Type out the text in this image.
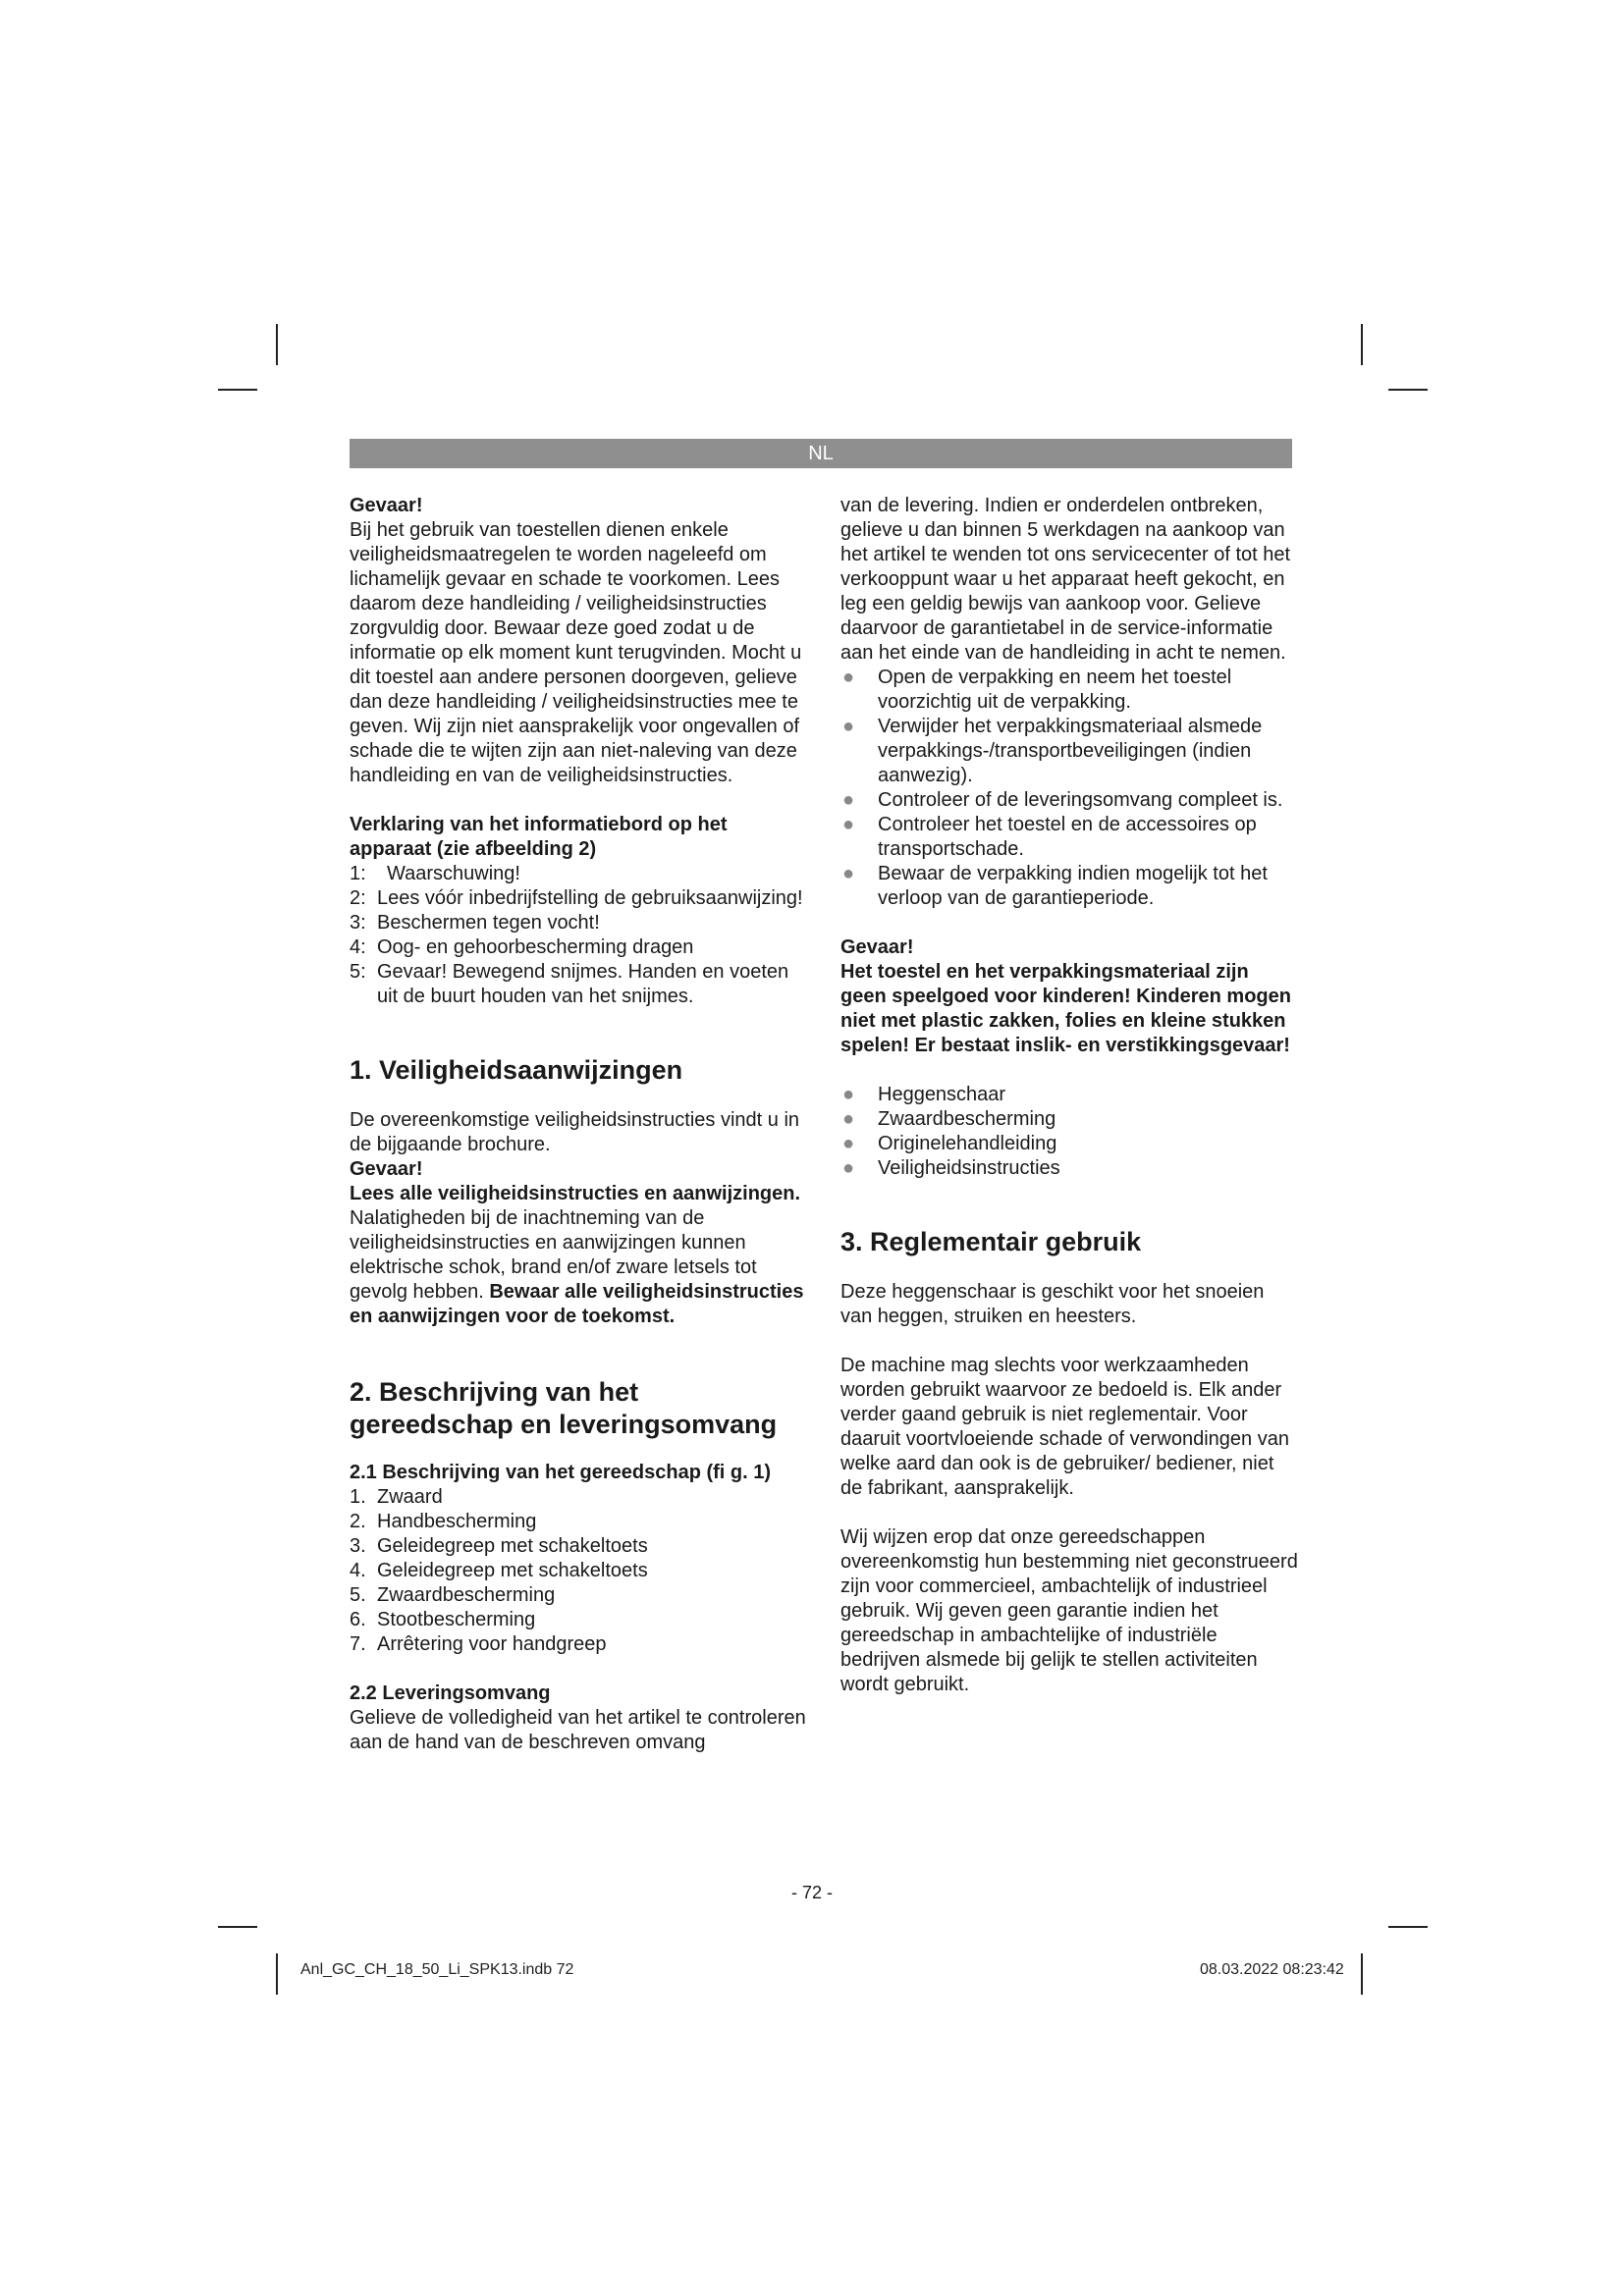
NL

Gevaar!

Bij het gebruik van toestellen dienen enkele veiligheidsmaatregelen te worden nageleefd om lichamelijk gevaar en schade te voorkomen. Lees daarom deze handleiding / veiligheidsinstructies zorgvuldig door. Bewaar deze goed zodat u de informatie op elk moment kunt terugvinden. Mocht u dit toestel aan andere personen doorgeven, gelieve dan deze handleiding / veiligheidsinstructies mee te geven. Wij zijn niet aansprakelijk voor ongevallen of schade die te wijten zijn aan niet-naleving van deze handleiding en van de veiligheidsinstructies.

Verklaring van het informatiebord op het apparaat (zie afbeelding 2)

1: Waarschuwing!
2: Lees vóór inbedrijfstelling de gebruiksaanwijzing!
3: Beschermen tegen vocht!
4: Oog- en gehoorbescherming dragen
5: Gevaar! Bewegend snijmes. Handen en voeten uit de buurt houden van het snijmes.

1. Veiligheidsaanwijzingen

De overeenkomstige veiligheidsinstructies vindt u in de bijgaande brochure.

Gevaar!

Lees alle veiligheidsinstructies en aanwijzingen. Nalatigheden bij de inachtneming van de veiligheidsinstructies en aanwijzingen kunnen elektrische schok, brand en/of zware letsels tot gevolg hebben. Bewaar alle veiligheidsinstructies en aanwijzingen voor de toekomst.

2. Beschrijving van het gereedschap en leveringsomvang

2.1 Beschrijving van het gereedschap (fi g. 1)

1. Zwaard
2. Handbescherming
3. Geleidegreep met schakeltoets
4. Geleidegreep met schakeltoets
5. Zwaardbescherming
6. Stootbescherming
7. Arrêtering voor handgreep

2.2 Leveringsomvang

Gelieve de volledigheid van het artikel te controleren aan de hand van de beschreven omvang

van de levering. Indien er onderdelen ontbreken, gelieve u dan binnen 5 werkdagen na aankoop van het artikel te wenden tot ons servicecenter of tot het verkooppunt waar u het apparaat heeft gekocht, en leg een geldig bewijs van aankoop voor. Gelieve daarvoor de garantietabel in de service-informatie aan het einde van de handleiding in acht te nemen.

● Open de verpakking en neem het toestel voorzichtig uit de verpakking.
● Verwijder het verpakkingsmateriaal alsmede verpakkings-/transportbeveiligingen (indien aanwezig).
● Controleer of de leveringsomvang compleet is.
● Controleer het toestel en de accessoires op transportschade.
● Bewaar de verpakking indien mogelijk tot het verloop van de garantieperiode.

Gevaar!

Het toestel en het verpakkingsmateriaal zijn geen speelgoed voor kinderen! Kinderen mogen niet met plastic zakken, folies en kleine stukken spelen! Er bestaat inslik- en verstikkingsgevaar!

● Heggenschaar
● Zwaardbescherming
● Originelehandleiding
● Veiligheidsinstructies

3. Reglementair gebruik

Deze heggenschaar is geschikt voor het snoeien van heggen, struiken en heesters.

De machine mag slechts voor werkzaamheden worden gebruikt waarvoor ze bedoeld is. Elk ander verder gaand gebruik is niet reglementair. Voor daaruit voortvloeiende schade of verwondingen van welke aard dan ook is de gebruiker/ bediener, niet de fabrikant, aansprakelijk.

Wij wijzen erop dat onze gereedschappen overeenkomstig hun bestemming niet geconstrueerd zijn voor commercieel, ambachtelijk of industrieel gebruik. Wij geven geen garantie indien het gereedschap in ambachtelijke of industriële bedrijven alsmede bij gelijk te stellen activiteiten wordt gebruikt.

- 72 -
Anl_GC_CH_18_50_Li_SPK13.indb 72	08.03.2022 08:23:42
